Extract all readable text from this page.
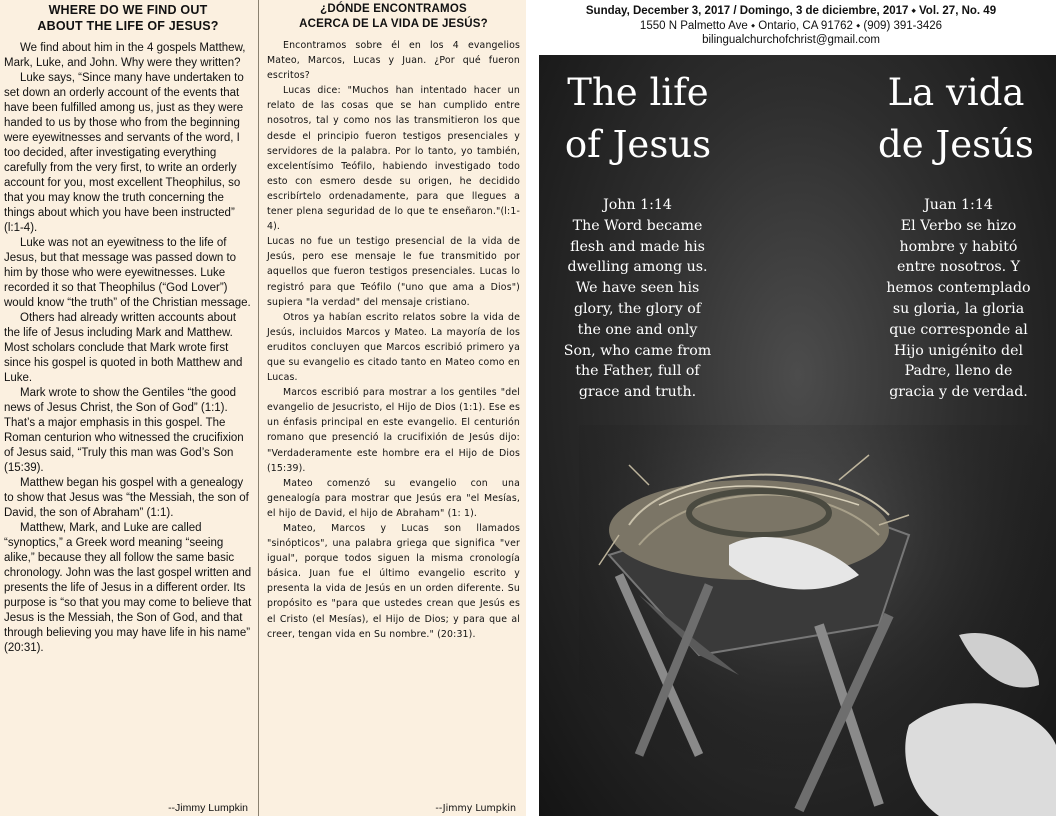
WHERE DO WE FIND OUT
ABOUT THE LIFE OF JESUS?

We find about him in the 4 gospels Matthew, Mark, Luke, and John. Why were they written?

Luke says, “Since many have undertaken to set down an orderly account of the events that have been fulfilled among us, just as they were handed to us by those who from the beginning were eyewitnesses and servants of the word, I too decided, after investigating everything carefully from the very first, to write an orderly account for you, most excellent Theophilus, so that you may know the truth concerning the things about which you have been instructed” (l:1-4).

Luke was not an eyewitness to the life of Jesus, but that message was passed down to him by those who were eyewitnesses. Luke recorded it so that Theophilus (“God Lover”) would know “the truth” of the Christian message.

Others had already written accounts about the life of Jesus including Mark and Matthew. Most scholars conclude that Mark wrote first since his gospel is quoted in both Matthew and Luke.

Mark wrote to show the Gentiles “the good news of Jesus Christ, the Son of God” (1:1). That’s a major emphasis in this gospel. The Roman centurion who witnessed the crucifixion of Jesus said, “Truly this man was God’s Son (15:39).

Matthew began his gospel with a genealogy to show that Jesus was “the Messiah, the son of David, the son of Abraham” (1:1).

Matthew, Mark, and Luke are called “synoptics,” a Greek word meaning “seeing alike,” because they all follow the same basic chronology. John was the last gospel written and presents the life of Jesus in a different order. Its purpose is “so that you may come to believe that Jesus is the Messiah, the Son of God, and that through believing you may have life in his name” (20:31).

--Jimmy Lumpkin
¿DÓNDE ENCONTRAMOS
ACERCA DE LA VIDA DE JESÚS?

Encontramos sobre él en los 4 evangelios Mateo, Marcos, Lucas y Juan. ¿Por qué fueron escritos?

Lucas dice: "Muchos han intentado hacer un relato de las cosas que se han cumplido entre nosotros, tal y como nos las transmitieron los que desde el principio fueron testigos presenciales y servidores de la palabra. Por lo tanto, yo también, excelentísimo Teófilo, habiendo investigado todo esto con esmero desde su origen, he decidido escribírtelo ordenadamente, para que llegues a tener plena seguridad de lo que te enseñaron."(l:1-4).

Lucas no fue un testigo presencial de la vida de Jesús, pero ese mensaje le fue transmitido por aquellos que fueron testigos presenciales. Lucas lo registró para que Teófilo ("uno que ama a Dios") supiera "la verdad" del mensaje cristiano.

Otros ya habían escrito relatos sobre la vida de Jesús, incluidos Marcos y Mateo. La mayoría de los eruditos concluyen que Marcos escribió primero ya que su evangelio es citado tanto en Mateo como en Lucas.

Marcos escribió para mostrar a los gentiles "del evangelio de Jesucristo, el Hijo de Dios (1:1). Ese es un énfasis principal en este evangelio. El centurión romano que presenció la crucifixión de Jesús dijo: "Verdaderamente este hombre era el Hijo de Dios (15:39).

Mateo comenzó su evangelio con una genealogía para mostrar que Jesús era "el Mesías, el hijo de David, el hijo de Abraham" (1: 1).

Mateo, Marcos y Lucas son llamados "sinópticos", una palabra griega que significa "ver igual", porque todos siguen la misma cronología básica. Juan fue el último evangelio escrito y presenta la vida de Jesús en un orden diferente. Su propósito es "para que ustedes crean que Jesús es el Cristo (el Mesías), el Hijo de Dios; y para que al creer, tengan vida en Su nombre." (20:31).

--Jimmy Lumpkin
Sunday, December 3, 2017 / Domingo, 3 de diciembre, 2017 ⬩ Vol. 27, No. 49
1550 N Palmetto Ave ⬩ Ontario, CA 91762 ⬩ (909) 391-3426
bilingualchurchofchrist@gmail.com
The life
of Jesus
La vida
de Jesús
John 1:14
The Word became
flesh and made his
dwelling among us.
We have seen his
glory, the glory of
the one and only
Son, who came from
the Father, full of
grace and truth.
Juan 1:14
El Verbo se hizo
hombre y habitó
entre nosotros. Y
hemos contemplado
su gloria, la gloria
que corresponde al
Hijo unigénito del
Padre, lleno de
gracia y de verdad.
